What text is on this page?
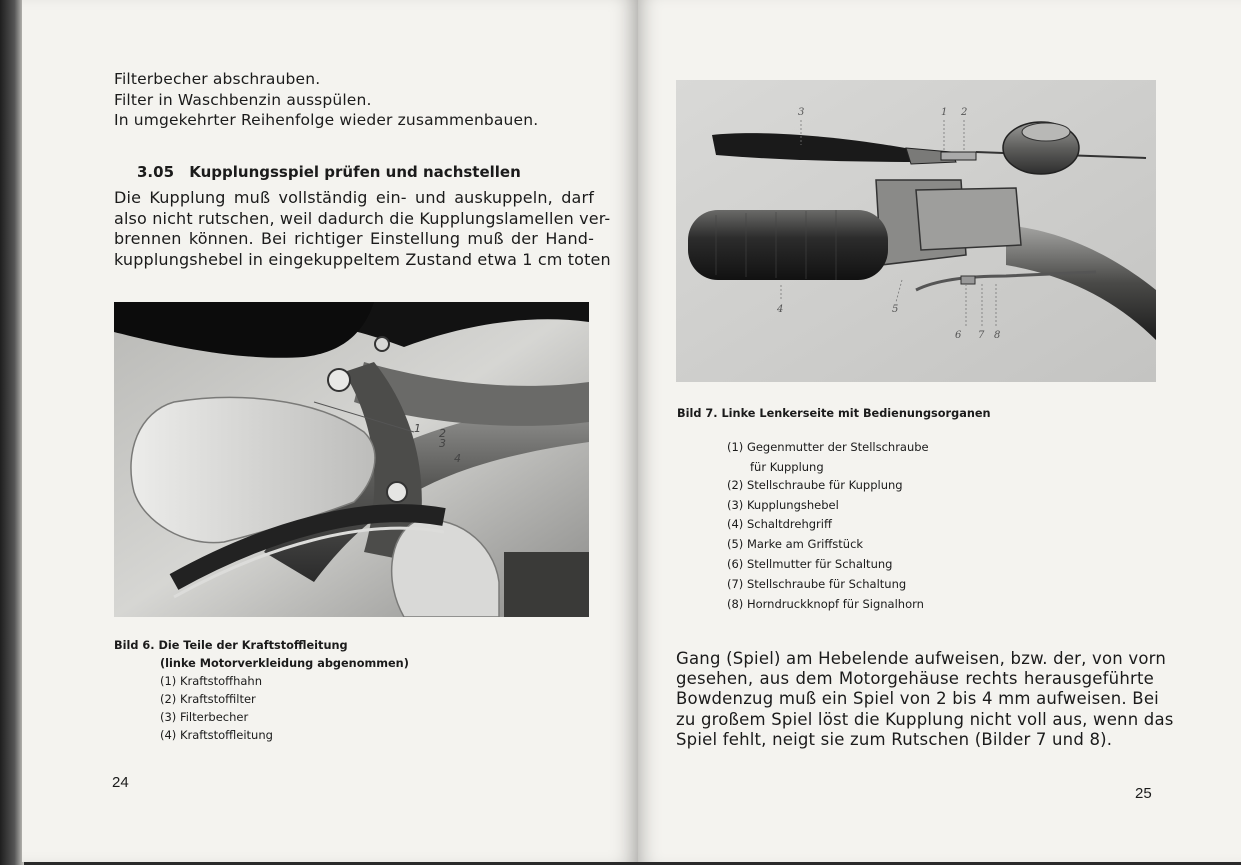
Filterbecher abschrauben.
Filter in Waschbenzin ausspülen.
In umgekehrter Reihenfolge wieder zusammenbauen.
3.05 Kupplungsspiel prüfen und nachstellen
Die Kupplung muß vollständig ein- und auskuppeln, darf
also nicht rutschen, weil dadurch die Kupplungslamellen ver-
brennen können. Bei richtiger Einstellung muß der Hand-
kupplungshebel in eingekuppeltem Zustand etwa 1 cm toten
1 2
3
4
Bild 6. Die Teile der Kraftstoffleitung
(linke Motorverkleidung abgenommen)
(1) Kraftstoffhahn
(2) Kraftstoffilter
(3) Filterbecher
(4) Kraftstoffleitung
24
3	1 2
4	5
6 7 8
Bild 7. Linke Lenkerseite mit Bedienungsorganen
(1) Gegenmutter der Stellschraube
für Kupplung
(2) Stellschraube für Kupplung
(3) Kupplungshebel
(4) Schaltdrehgriff
(5) Marke am Griffstück
(6) Stellmutter für Schaltung
(7) Stellschraube für Schaltung
(8) Horndruckknopf für Signalhorn
Gang (Spiel) am Hebelende aufweisen, bzw. der, von vorn
gesehen, aus dem Motorgehäuse rechts herausgeführte
Bowdenzug muß ein Spiel von 2 bis 4 mm aufweisen. Bei
zu großem Spiel löst die Kupplung nicht voll aus, wenn das
Spiel fehlt, neigt sie zum Rutschen (Bilder 7 und 8).
25
